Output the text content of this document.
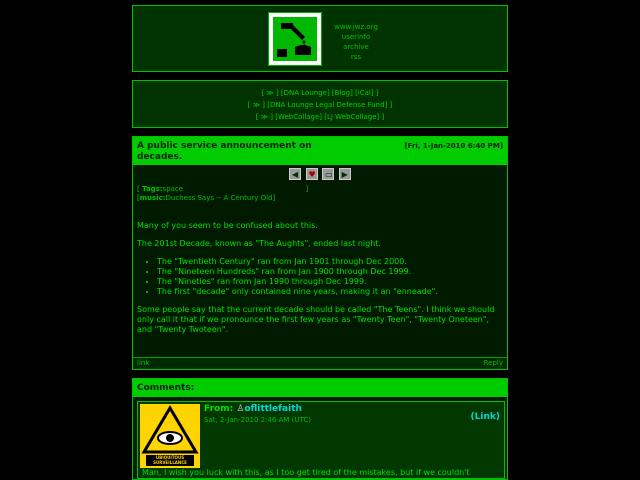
www.jwz.org
userinfo
archive
rss
[ ≫ ] [DNA Lounge] [Blog] [iCal] ]
[ ≫ ] [DNA Lounge Legal Defense Fund] ]
[ ≫ ] [WebCollage] [LJ WebCollage] ]
A public service announcement on decades.
[Fri, 1-Jan-2010 6:40 PM]
◀
♥
▭
▶
[ Tags:space                                                       ]
[music:Duchess Says -- A Century Old]

Many of you seem to be confused about this.

The 201st Decade, known as "The Aughts", ended last night.

• The "Twentieth Century" ran from Jan 1901 through Dec 2000.
• The "Nineteen Hundreds" ran from Jan 1900 through Dec 1999.
• The "Nineties" ran from Jan 1990 through Dec 1999.
• The first "decade" only contained nine years, making it an "enneade".

Some people say that the current decade should be called "The Teens". I think we should only call it that if we pronounce the first few years as "Twenty Teen", "Twenty Oneteen", and "Twenty Twoteen".

link	Reply
Comments:
UBIQUITOUS SURVEILLANCE
From: ♙oflittlefaith
Sat, 2-Jan-2010 2:46 AM (UTC)	(Link)
Man, I wish you luck with this, as I too get tired of the mistakes, but if we couldn't
